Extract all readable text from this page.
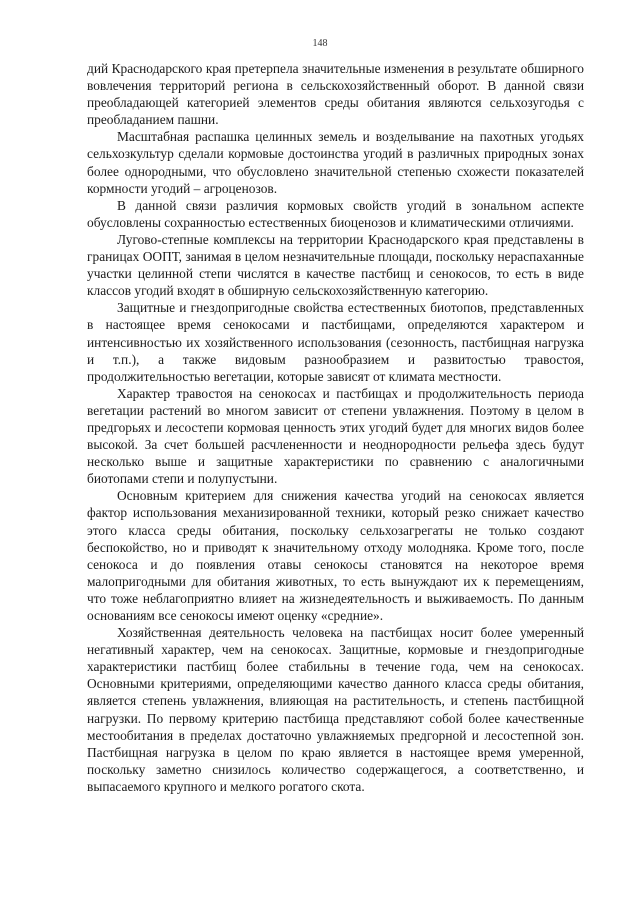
148

дий Краснодарского края претерпела значительные изменения в результате обширного вовлечения территорий региона в сельскохозяйственный оборот. В данной связи преобладающей категорией элементов среды обитания являются сельхозугодья с преобладанием пашни.

Масштабная распашка целинных земель и возделывание на пахотных угодьях сельхозкультур сделали кормовые достоинства угодий в различных природных зонах более однородными, что обусловлено значительной степенью схожести показателей кормности угодий – агроценозов.

В данной связи различия кормовых свойств угодий в зональном аспекте обусловлены сохранностью естественных биоценозов и климатическими отличиями.

Лугово-степные комплексы на территории Краснодарского края представлены в границах ООПТ, занимая в целом незначительные площади, поскольку нераспаханные участки целинной степи числятся в качестве пастбищ и сенокосов, то есть в виде классов угодий входят в обширную сельскохозяйственную категорию.

Защитные и гнездопригодные свойства естественных биотопов, представленных в настоящее время сенокосами и пастбищами, определяются характером и интенсивностью их хозяйственного использования (сезонность, пастбищная нагрузка и т.п.), а также видовым разнообразием и развитостью травостоя, продолжительностью вегетации, которые зависят от климата местности.

Характер травостоя на сенокосах и пастбищах и продолжительность периода вегетации растений во многом зависит от степени увлажнения. Поэтому в целом в предгорьях и лесостепи кормовая ценность этих угодий будет для многих видов более высокой. За счет большей расчлененности и неоднородности рельефа здесь будут несколько выше и защитные характеристики по сравнению с аналогичными биотопами степи и полупустыни.

Основным критерием для снижения качества угодий на сенокосах является фактор использования механизированной техники, который резко снижает качество этого класса среды обитания, поскольку сельхозагрегаты не только создают беспокойство, но и приводят к значительному отходу молодняка. Кроме того, после сенокоса и до появления отавы сенокосы становятся на некоторое время малопригодными для обитания животных, то есть вынуждают их к перемещениям, что тоже неблагоприятно влияет на жизнедеятельность и выживаемость. По данным основаниям все сенокосы имеют оценку «средние».

Хозяйственная деятельность человека на пастбищах носит более умеренный негативный характер, чем на сенокосах. Защитные, кормовые и гнездопригодные характеристики пастбищ более стабильны в течение года, чем на сенокосах. Основными критериями, определяющими качество данного класса среды обитания, является степень увлажнения, влияющая на растительность, и степень пастбищной нагрузки. По первому критерию пастбища представляют собой более качественные местообитания в пределах достаточно увлажняемых предгорной и лесостепной зон. Пастбищная нагрузка в целом по краю является в настоящее время умеренной, поскольку заметно снизилось количество содержащегося, а соответственно, и выпасаемого крупного и мелкого рогатого скота.
